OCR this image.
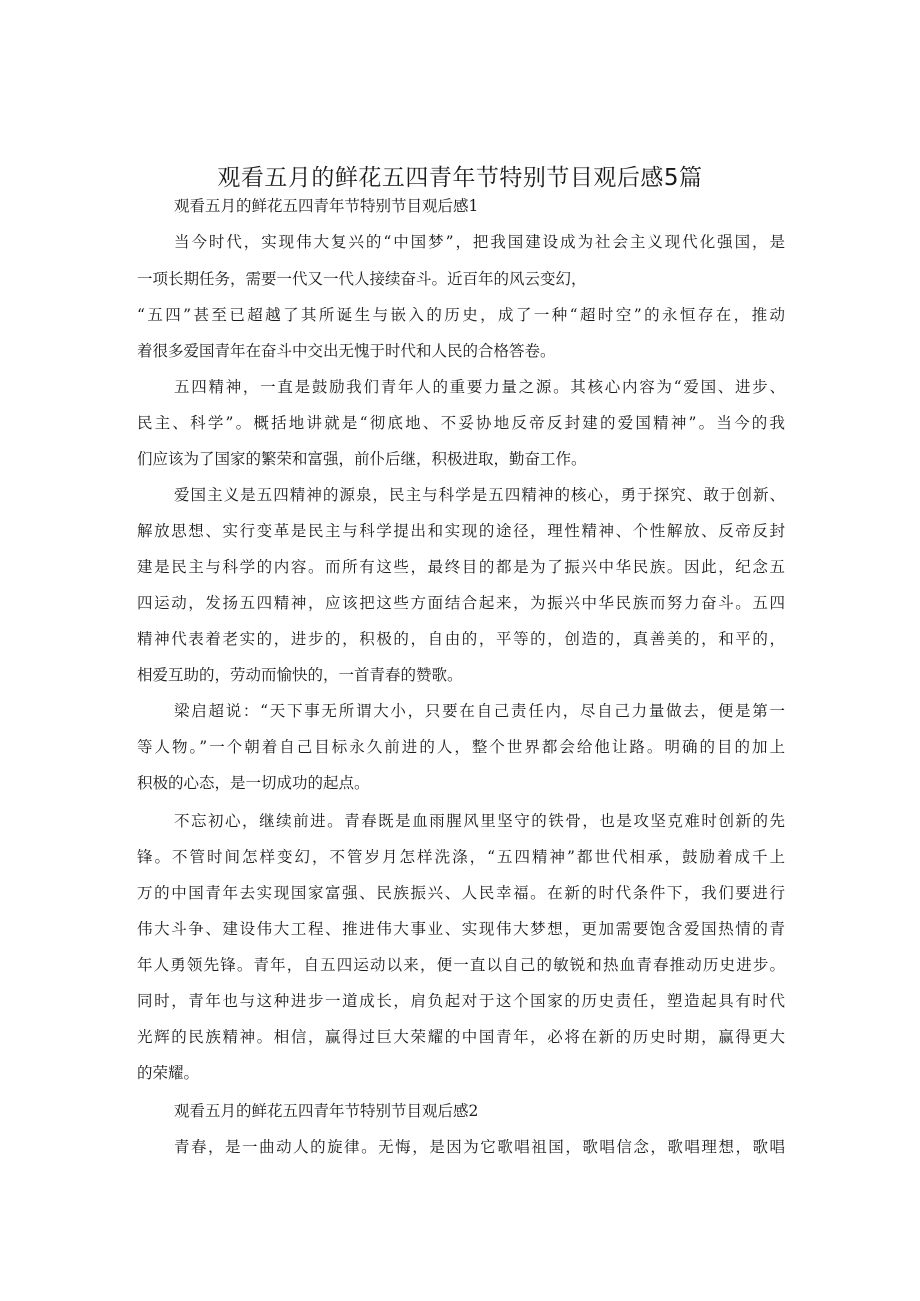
观看五月的鲜花五四青年节特别节目观后感5篇
观看五月的鲜花五四青年节特别节目观后感1
当今时代，实现伟大复兴的“中国梦”，把我国建设成为社会主义现代化强国，是
一项长期任务，需要一代又一代人接续奋斗。近百年的风云变幻，
“五四”甚至已超越了其所诞生与嵌入的历史，成了一种“超时空”的永恒存在，推动
着很多爱国青年在奋斗中交出无愧于时代和人民的合格答卷。
五四精神，一直是鼓励我们青年人的重要力量之源。其核心内容为“爱国、进步、
民主、科学”。概括地讲就是“彻底地、不妥协地反帝反封建的爱国精神”。当今的我
们应该为了国家的繁荣和富强，前仆后继，积极进取，勤奋工作。
爱国主义是五四精神的源泉，民主与科学是五四精神的核心，勇于探究、敢于创新、
解放思想、实行变革是民主与科学提出和实现的途径，理性精神、个性解放、反帝反封
建是民主与科学的内容。而所有这些，最终目的都是为了振兴中华民族。因此，纪念五
四运动，发扬五四精神，应该把这些方面结合起来，为振兴中华民族而努力奋斗。五四
精神代表着老实的，进步的，积极的，自由的，平等的，创造的，真善美的，和平的，
相爱互助的，劳动而愉快的，一首青春的赞歌。
梁启超说：“天下事无所谓大小，只要在自己责任内，尽自己力量做去，便是第一
等人物。”一个朝着自己目标永久前进的人，整个世界都会给他让路。明确的目的加上
积极的心态，是一切成功的起点。
不忘初心，继续前进。青春既是血雨腥风里坚守的铁骨，也是攻坚克难时创新的先
锋。不管时间怎样变幻，不管岁月怎样洗涤，“五四精神”都世代相承，鼓励着成千上
万的中国青年去实现国家富强、民族振兴、人民幸福。在新的时代条件下，我们要进行
伟大斗争、建设伟大工程、推进伟大事业、实现伟大梦想，更加需要饱含爱国热情的青
年人勇领先锋。青年，自五四运动以来，便一直以自己的敏锐和热血青春推动历史进步。
同时，青年也与这种进步一道成长，肩负起对于这个国家的历史责任，塑造起具有时代
光辉的民族精神。相信，赢得过巨大荣耀的中国青年，必将在新的历史时期，赢得更大
的荣耀。
观看五月的鲜花五四青年节特别节目观后感2
青春，是一曲动人的旋律。无悔，是因为它歌唱祖国，歌唱信念，歌唱理想，歌唱
